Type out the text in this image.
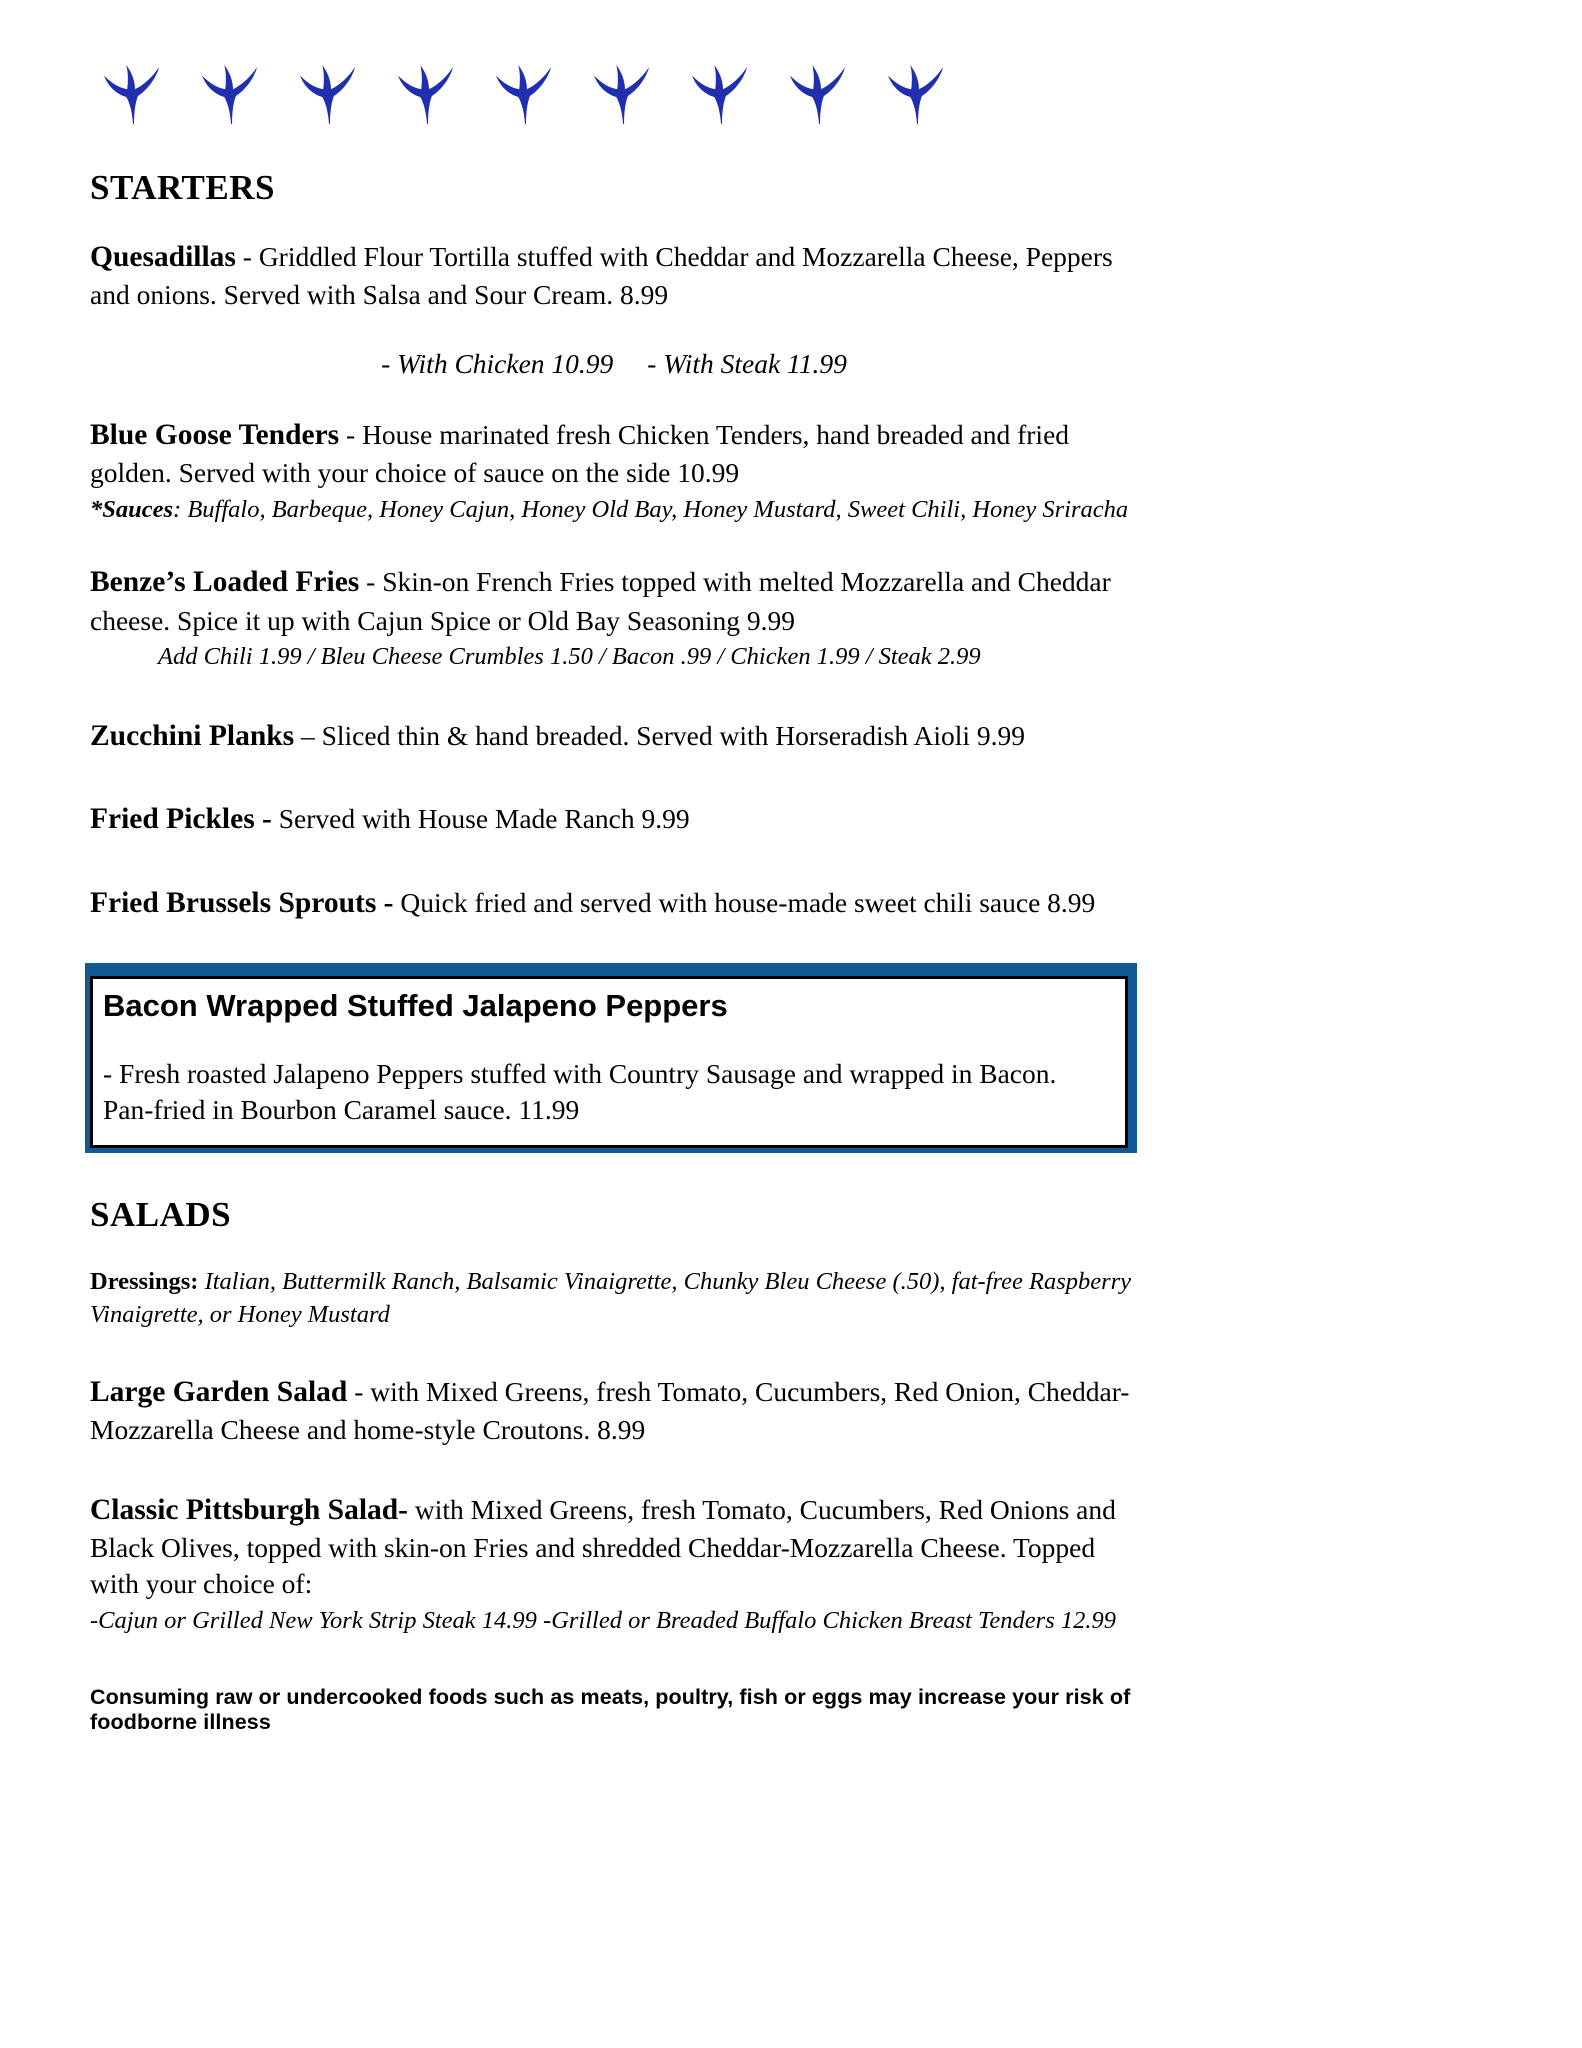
STARTERS

Quesadillas - Griddled Flour Tortilla stuffed with Cheddar and Mozzarella Cheese, Peppers and onions. Served with Salsa and Sour Cream. 8.99

- With Chicken 10.99 - With Steak 11.99

Blue Goose Tenders - House marinated fresh Chicken Tenders, hand breaded and fried golden. Served with your choice of sauce on the side 10.99

*Sauces: Buffalo, Barbeque, Honey Cajun, Honey Old Bay, Honey Mustard, Sweet Chili, Honey Sriracha

Benze’s Loaded Fries - Skin-on French Fries topped with melted Mozzarella and Cheddar cheese. Spice it up with Cajun Spice or Old Bay Seasoning 9.99

Add Chili 1.99 / Bleu Cheese Crumbles 1.50 / Bacon .99 / Chicken 1.99 / Steak 2.99

Zucchini Planks – Sliced thin & hand breaded. Served with Horseradish Aioli 9.99

Fried Pickles - Served with House Made Ranch 9.99

Fried Brussels Sprouts - Quick fried and served with house-made sweet chili sauce 8.99

Bacon Wrapped Stuffed Jalapeno Peppers

- Fresh roasted Jalapeno Peppers stuffed with Country Sausage and wrapped in Bacon. Pan-fried in Bourbon Caramel sauce. 11.99

SALADS

Dressings: Italian, Buttermilk Ranch, Balsamic Vinaigrette, Chunky Bleu Cheese (.50), fat-free Raspberry Vinaigrette, or Honey Mustard

Large Garden Salad - with Mixed Greens, fresh Tomato, Cucumbers, Red Onion, Cheddar-Mozzarella Cheese and home-style Croutons. 8.99

Classic Pittsburgh Salad- with Mixed Greens, fresh Tomato, Cucumbers, Red Onions and Black Olives, topped with skin-on Fries and shredded Cheddar-Mozzarella Cheese. Topped with your choice of:

-Cajun or Grilled New York Strip Steak 14.99 -Grilled or Breaded Buffalo Chicken Breast Tenders 12.99

Consuming raw or undercooked foods such as meats, poultry, fish or eggs may increase your risk of foodborne illness
